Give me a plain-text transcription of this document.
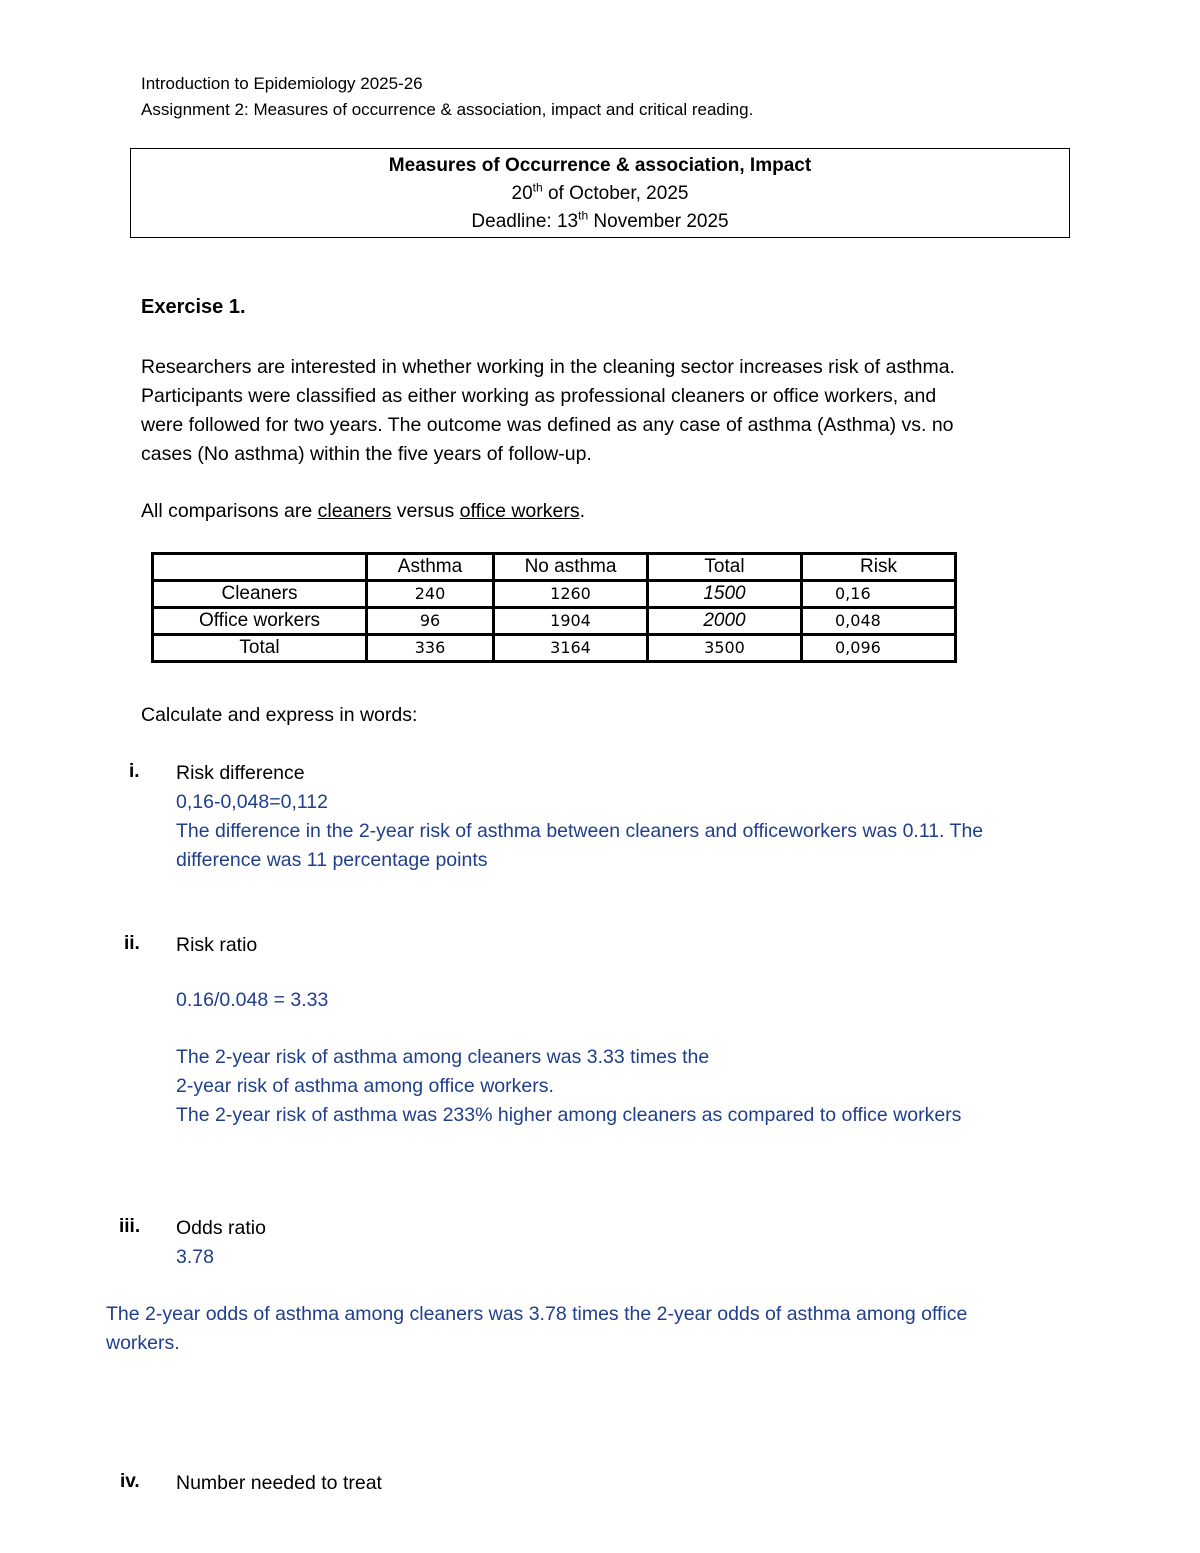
Introduction to Epidemiology 2025-26
Assignment 2: Measures of occurrence & association, impact and critical reading.
Measures of Occurrence & association, Impact
20th of October, 2025
Deadline: 13th November 2025
Exercise 1.
Researchers are interested in whether working in the cleaning sector increases risk of asthma.
Participants were classified as either working as professional cleaners or office workers, and
were followed for two years. The outcome was defined as any case of asthma (Asthma) vs. no
cases (No asthma) within the five years of follow-up.
All comparisons are cleaners versus office workers.
	Asthma	No asthma	Total	Risk
Cleaners	240	1260	1500	0,16
Office workers	96	1904	2000	0,048
Total	336	3164	3500	0,096
Calculate and express in words:
i. Risk difference
0,16-0,048=0,112
The difference in the 2-year risk of asthma between cleaners and officeworkers was 0.11. The
difference was 11 percentage points
ii. Risk ratio
0.16/0.048 = 3.33
The 2-year risk of asthma among cleaners was 3.33 times the
2-year risk of asthma among office workers.
The 2-year risk of asthma was 233% higher among cleaners as compared to office workers
iii. Odds ratio
3.78
The 2-year odds of asthma among cleaners was 3.78 times the 2-year odds of asthma among office
workers.
iv. Number needed to treat
